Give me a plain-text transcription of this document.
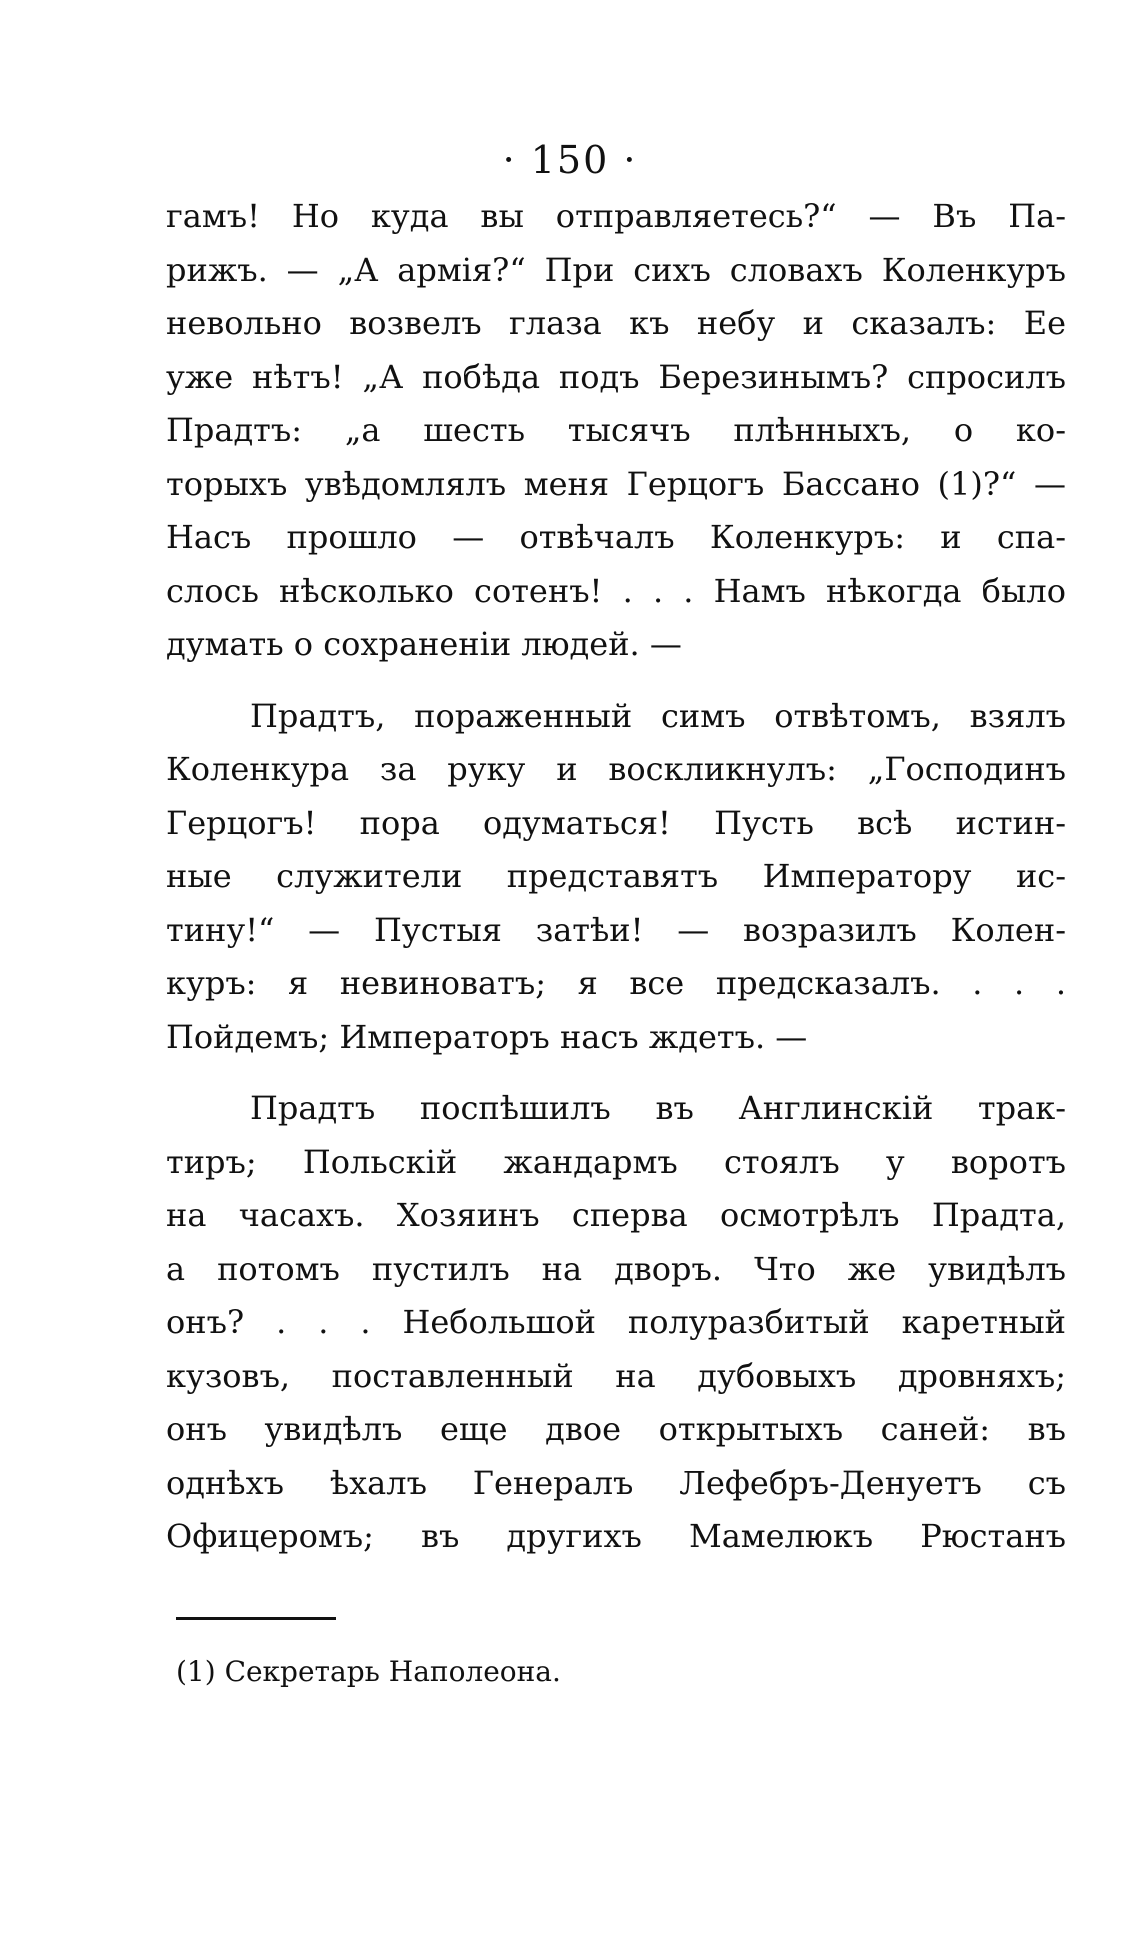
· 150 ·
гамъ! Но куда вы отправляетесь?“ — Въ Па-
рижъ. — „А армія?“ При сихъ словахъ Коленкуръ
невольно возвелъ глаза къ небу и сказалъ: Ее
уже нѣтъ! „А побѣда подъ Березинымъ? спросилъ
Прадтъ: „а шесть тысячъ плѣнныхъ, о ко-
торыхъ увѣдомлялъ меня Герцогъ Бассано (1)?“ —
Насъ прошло — отвѣчалъ Коленкуръ: и спа-
слось нѣсколько сотенъ! . . . Намъ нѣкогда было
думать о сохраненіи людей. —
Прадтъ, пораженный симъ отвѣтомъ, взялъ
Коленкура за руку и воскликнулъ: „Господинъ
Герцогъ! пора одуматься! Пусть всѣ истин-
ные служители представятъ Императору ис-
тину!“ — Пустыя затѣи! — возразилъ Колен-
куръ: я невиноватъ; я все предсказалъ. . . .
Пойдемъ; Императоръ насъ ждетъ. —
Прадтъ поспѣшилъ въ Англинскій трак-
тиръ; Польскій жандармъ стоялъ у воротъ
на часахъ. Хозяинъ сперва осмотрѣлъ Прадта,
а потомъ пустилъ на дворъ. Что же увидѣлъ
онъ? . . . Небольшой полуразбитый каретный
кузовъ, поставленный на дубовыхъ дровняхъ;
онъ увидѣлъ еще двое открытыхъ саней: въ
однѣхъ ѣхалъ Генералъ Лефебръ-Денуетъ съ
Офицеромъ; въ другихъ Мамелюкъ Рюстанъ
(1) Секретарь Наполеона.
